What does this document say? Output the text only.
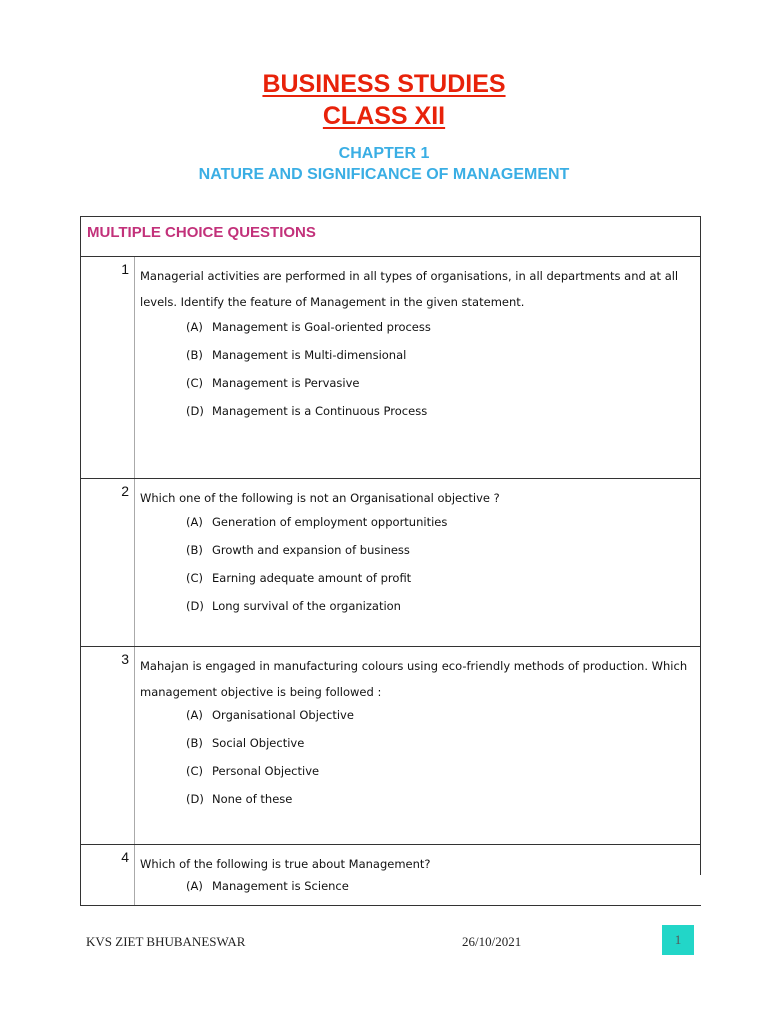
BUSINESS STUDIES
CLASS XII
CHAPTER 1
NATURE AND SIGNIFICANCE OF MANAGEMENT
MULTIPLE CHOICE QUESTIONS
1 Managerial activities are performed in all types of organisations, in all departments and at all levels. Identify the feature of Management in the given statement.
(A) Management is Goal-oriented process
(B) Management is Multi-dimensional
(C) Management is Pervasive
(D) Management is a Continuous Process
2 Which one of the following is not an Organisational objective ?
(A) Generation of employment opportunities
(B) Growth and expansion of business
(C) Earning adequate amount of profit
(D) Long survival of the organization
3 Mahajan is engaged in manufacturing colours using eco-friendly methods of production. Which management objective is being followed :
(A) Organisational Objective
(B) Social Objective
(C) Personal Objective
(D) None of these
4 Which of the following is true about Management?
(A) Management is Science
KVS ZIET BHUBANESWAR	26/10/2021	1
